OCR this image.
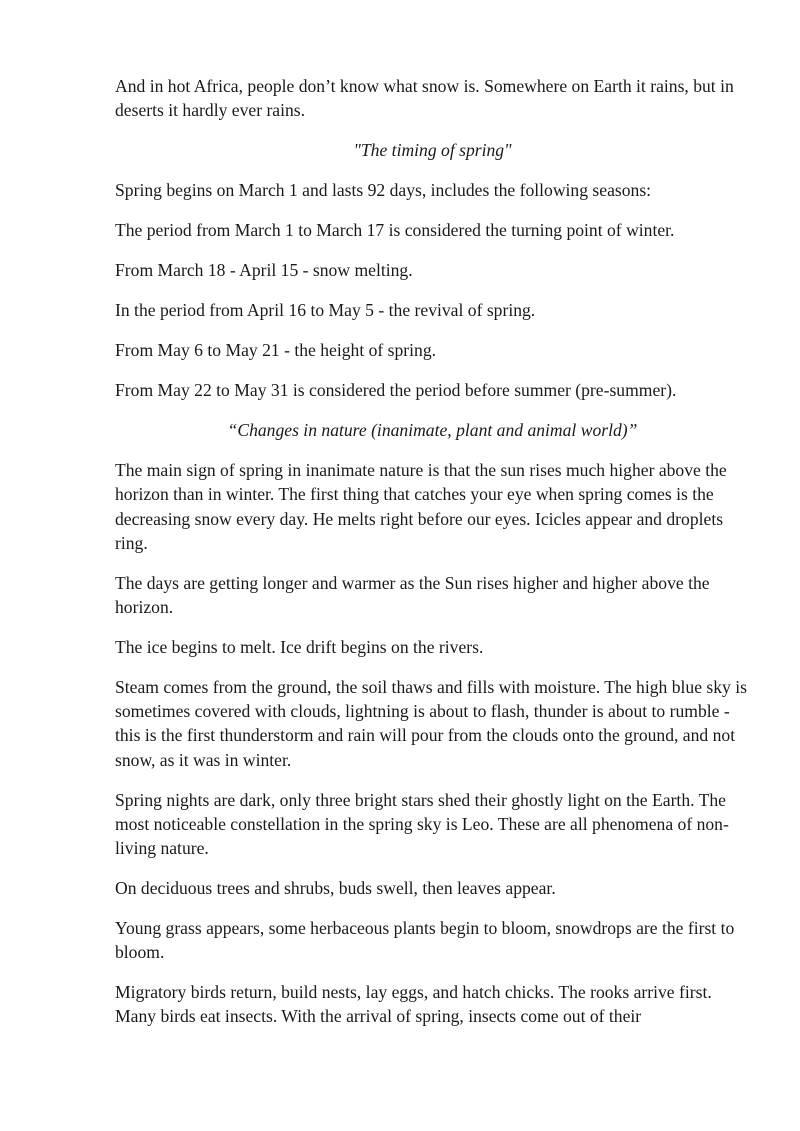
And in hot Africa, people don’t know what snow is. Somewhere on Earth it rains, but in deserts it hardly ever rains.

"The timing of spring"

Spring begins on March 1 and lasts 92 days, includes the following seasons:

The period from March 1 to March 17 is considered the turning point of winter.

From March 18 - April 15 - snow melting.

In the period from April 16 to May 5 - the revival of spring.

From May 6 to May 21 - the height of spring.

From May 22 to May 31 is considered the period before summer (pre-summer).

“Changes in nature (inanimate, plant and animal world)”

The main sign of spring in inanimate nature is that the sun rises much higher above the horizon than in winter. The first thing that catches your eye when spring comes is the decreasing snow every day. He melts right before our eyes. Icicles appear and droplets ring.

The days are getting longer and warmer as the Sun rises higher and higher above the horizon.

The ice begins to melt. Ice drift begins on the rivers.

Steam comes from the ground, the soil thaws and fills with moisture. The high blue sky is sometimes covered with clouds, lightning is about to flash, thunder is about to rumble - this is the first thunderstorm and rain will pour from the clouds onto the ground, and not snow, as it was in winter.

Spring nights are dark, only three bright stars shed their ghostly light on the Earth. The most noticeable constellation in the spring sky is Leo. These are all phenomena of non-living nature.

On deciduous trees and shrubs, buds swell, then leaves appear.

Young grass appears, some herbaceous plants begin to bloom, snowdrops are the first to bloom.

Migratory birds return, build nests, lay eggs, and hatch chicks. The rooks arrive first. Many birds eat insects. With the arrival of spring, insects come out of their
